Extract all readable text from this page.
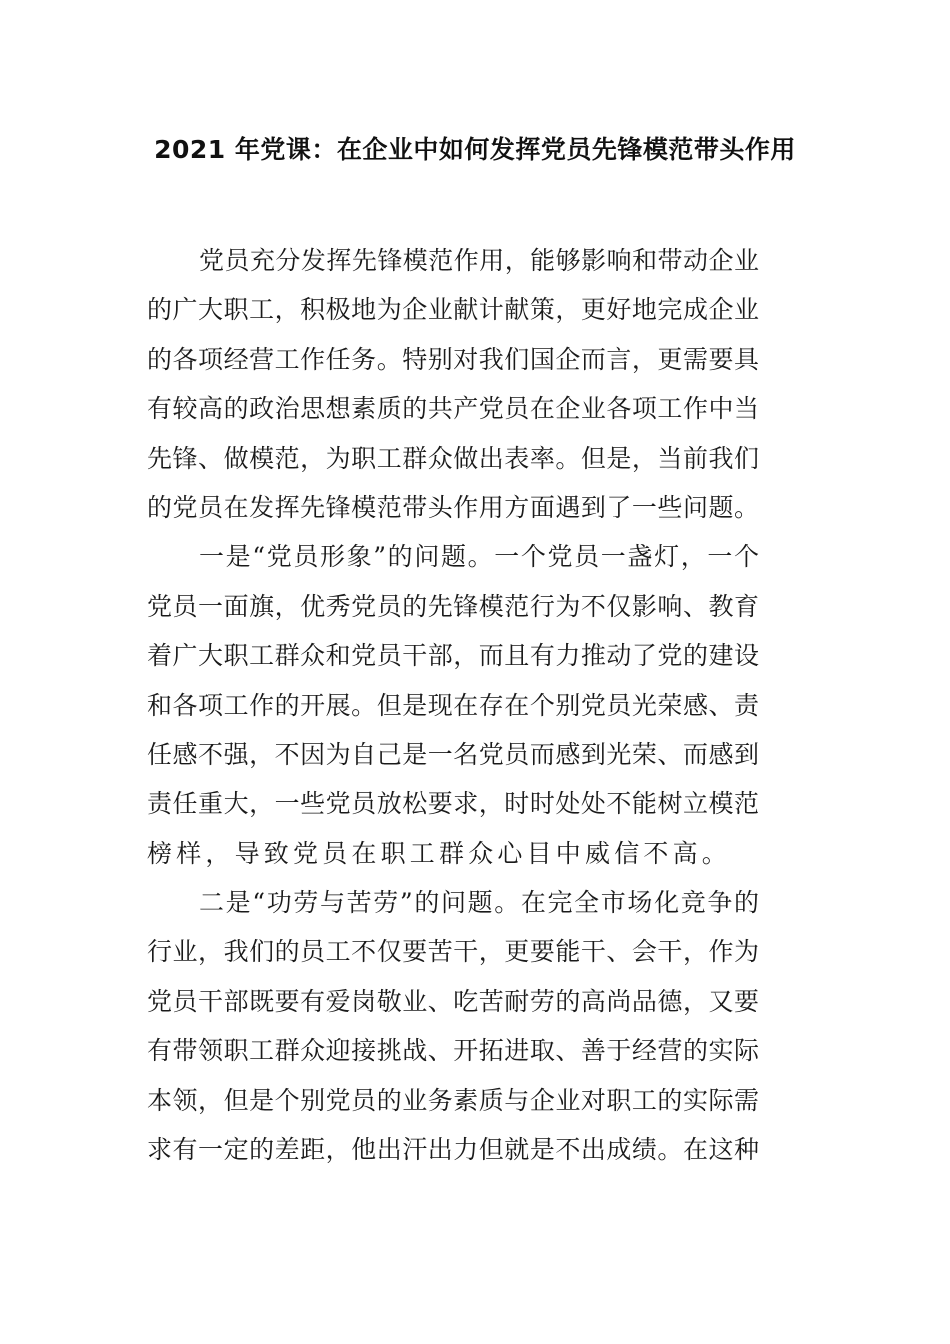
2021 年党课：在企业中如何发挥党员先锋模范带头作用
党员充分发挥先锋模范作用，能够影响和带动企业
的广大职工，积极地为企业献计献策，更好地完成企业
的各项经营工作任务。特别对我们国企而言，更需要具
有较高的政治思想素质的共产党员在企业各项工作中当
先锋、做模范，为职工群众做出表率。但是，当前我们
的党员在发挥先锋模范带头作用方面遇到了一些问题。
一是“党员形象”的问题。一个党员一盏灯，一个
党员一面旗，优秀党员的先锋模范行为不仅影响、教育
着广大职工群众和党员干部，而且有力推动了党的建设
和各项工作的开展。但是现在存在个别党员光荣感、责
任感不强，不因为自己是一名党员而感到光荣、而感到
责任重大，一些党员放松要求，时时处处不能树立模范
榜样，导致党员在职工群众心目中威信不高。
二是“功劳与苦劳”的问题。在完全市场化竞争的
行业，我们的员工不仅要苦干，更要能干、会干，作为
党员干部既要有爱岗敬业、吃苦耐劳的高尚品德，又要
有带领职工群众迎接挑战、开拓进取、善于经营的实际
本领，但是个别党员的业务素质与企业对职工的实际需
求有一定的差距，他出汗出力但就是不出成绩。在这种
